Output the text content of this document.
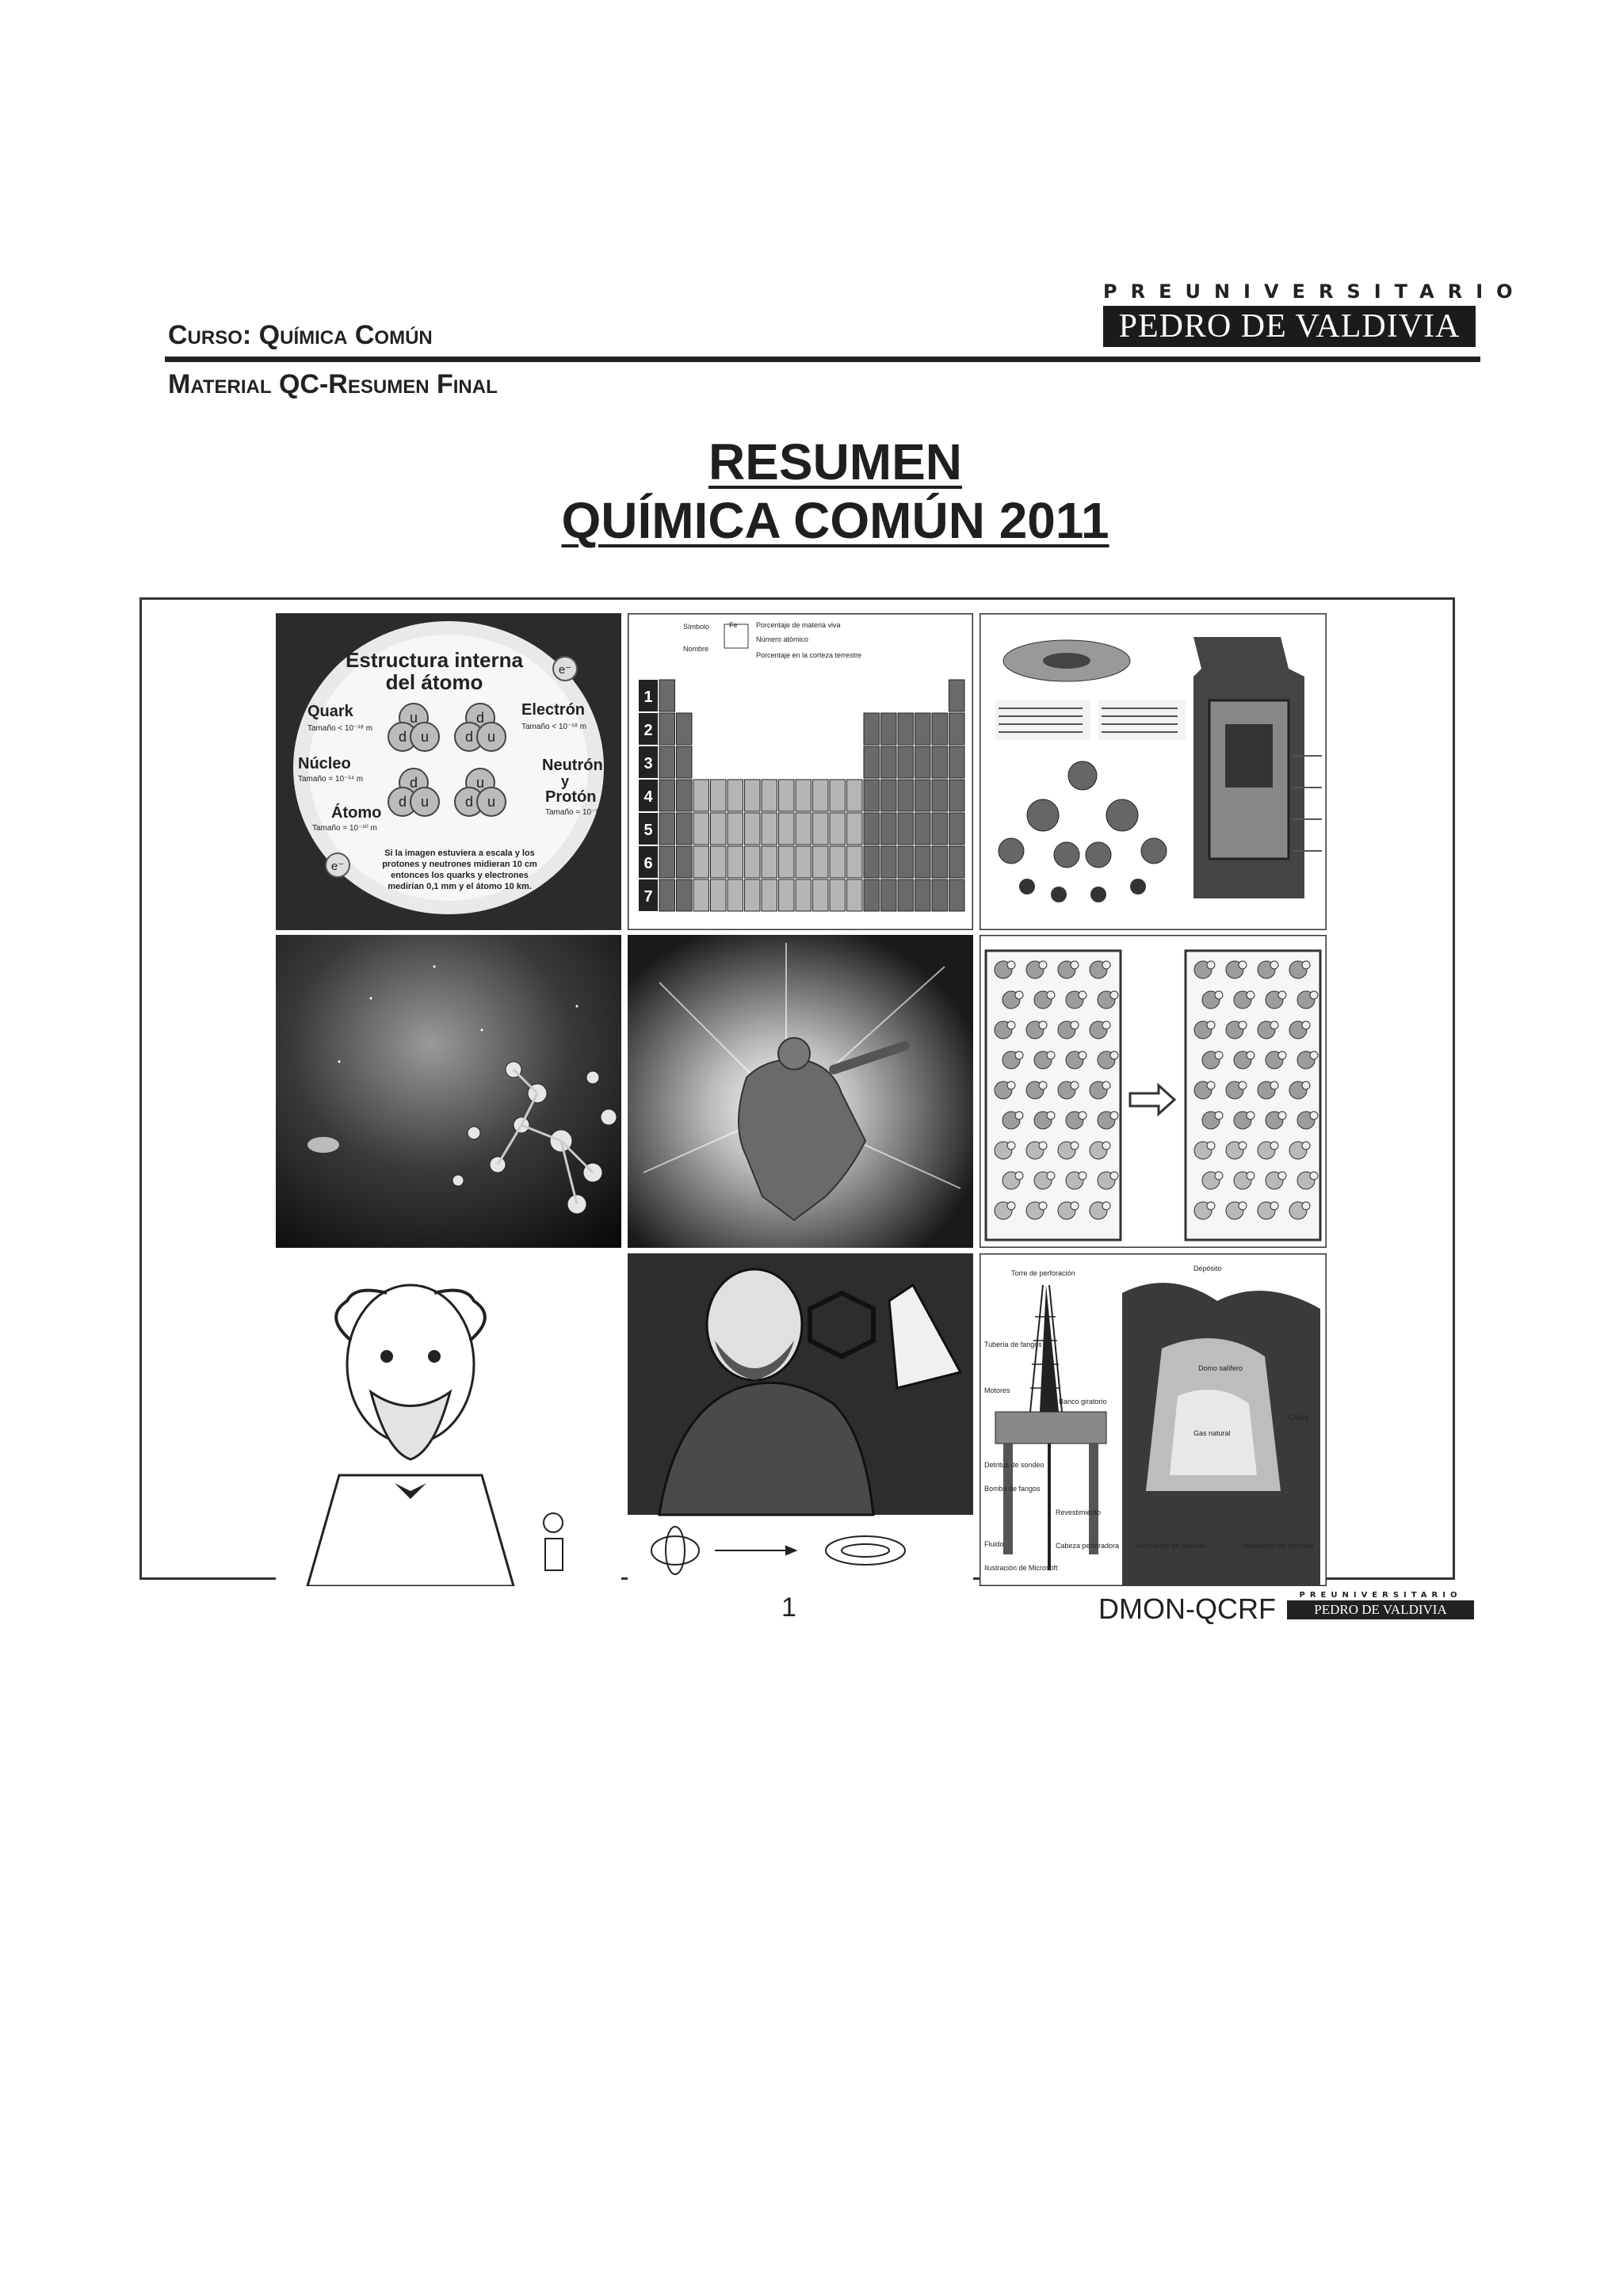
PREUNIVERSITARIO
PEDRO DE VALDIVIA
Curso: Química Común
Material QC-Resumen Final
RESUMEN
QUÍMICA COMÚN 2011
Estructura interna
del átomo
e⁻
Quark
Tamaño < 10⁻¹⁸ m
Electrón
Tamaño < 10⁻¹⁸ m
Núcleo
Tamaño = 10⁻¹⁴ m
Neutrón
y
Protón
Tamaño = 10⁻¹⁵ m
Átomo
Tamaño = 10⁻¹⁰ m
u
d u
d
d u
d
d u
u
d u
e⁻
Si la imagen estuviera a escala y los
protones y neutrones midieran 10 cm
entonces los quarks y electrones
medirían 0,1 mm y el átomo 10 km.
Fe
Símbolo
Nombre
Porcentaje de materia viva
Número atómico
Porcentaje en la corteza terrestre
1
2
3
4
5
6
7
Torre de perforación
Tubería de fangos
Motores
Banco giratorio
Detritus de sondeo
Bomba de fangos
Fluido	Cabeza perforadora
Depósito
Domo salífero
Caliza
Gas natural
Revestimiento
Yacimiento de petróleo	Yacimiento de petróleo
Ilustración de Microsoft
1	DMON-QCRF	PREUNIVERSITARIO
PEDRO DE VALDIVIA
